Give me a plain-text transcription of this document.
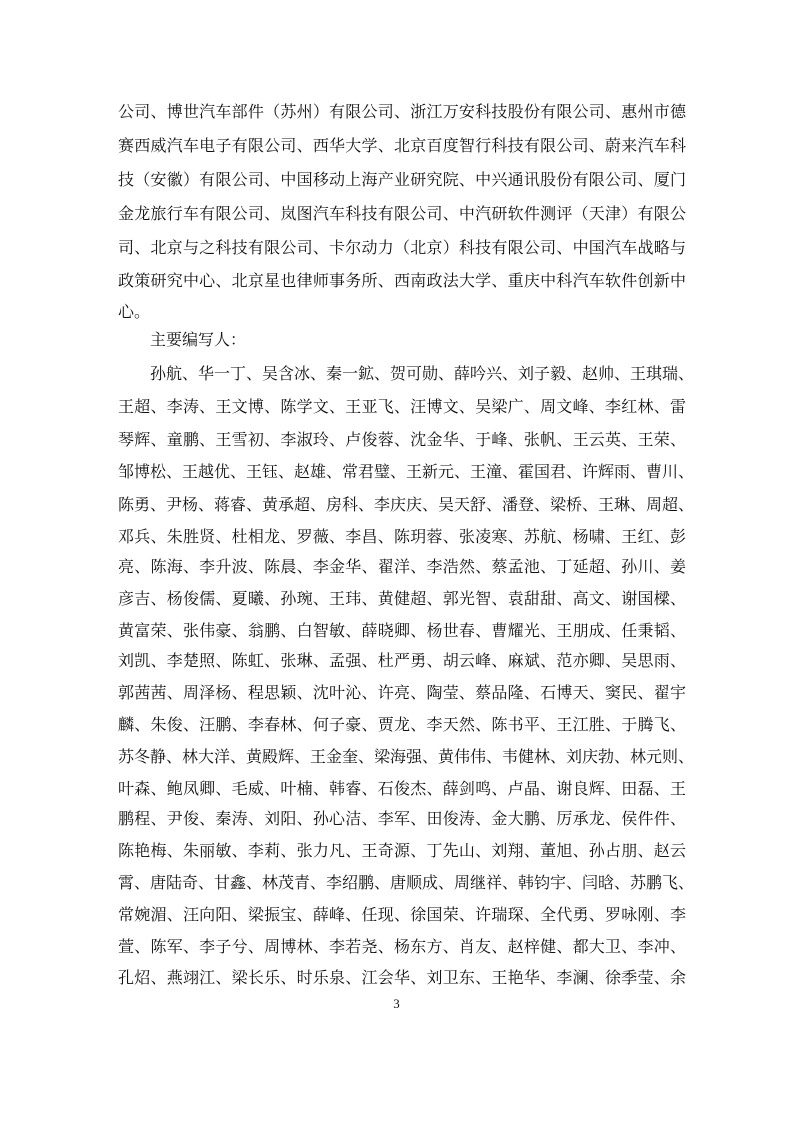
公司、博世汽车部件（苏州）有限公司、浙江万安科技股份有限公司、惠州市德
赛西威汽车电子有限公司、西华大学、北京百度智行科技有限公司、蔚来汽车科
技（安徽）有限公司、中国移动上海产业研究院、中兴通讯股份有限公司、厦门
金龙旅行车有限公司、岚图汽车科技有限公司、中汽研软件测评（天津）有限公
司、北京与之科技有限公司、卡尔动力（北京）科技有限公司、中国汽车战略与
政策研究中心、北京星也律师事务所、西南政法大学、重庆中科汽车软件创新中
心。
主要编写人：
孙航、华一丁、吴含冰、秦一鉱、贺可勋、薛吟兴、刘子毅、赵帅、王琪瑞、
王超、李涛、王文博、陈学文、王亚飞、汪博文、吴梁广、周文峰、李红林、雷
琴辉、童鹏、王雪初、李淑玲、卢俊蓉、沈金华、于峰、张帆、王云英、王荣、
邹博松、王越优、王钰、赵雄、常君璧、王新元、王潼、霍国君、许辉雨、曹川、
陈勇、尹杨、蒋睿、黄承超、房科、李庆庆、吴天舒、潘登、梁桥、王琳、周超、
邓兵、朱胜贤、杜相龙、罗薇、李昌、陈玥蓉、张凌寒、苏航、杨啸、王红、彭
亮、陈海、李升波、陈晨、李金华、翟洋、李浩然、蔡孟池、丁延超、孙川、姜
彦吉、杨俊儒、夏曦、孙琬、王玮、黄健超、郭光智、袁甜甜、高文、谢国樑、
黄富荣、张伟豪、翁鹏、白智敏、薛晓卿、杨世春、曹耀光、王朋成、任秉韬、
刘凯、李楚照、陈虹、张琳、孟强、杜严勇、胡云峰、麻斌、范亦卿、吴思雨、
郭茜茜、周泽杨、程思颖、沈叶沁、许亮、陶莹、蔡品隆、石博天、窦民、翟宇
麟、朱俊、汪鹏、李春林、何子豪、贾龙、李天然、陈书平、王江胜、于腾飞、
苏冬静、林大洋、黄殿辉、王金奎、梁海强、黄伟伟、韦健林、刘庆勃、林元则、
叶森、鲍凤卿、毛威、叶楠、韩睿、石俊杰、薛剑鸣、卢晶、谢良辉、田磊、王
鹏程、尹俊、秦涛、刘阳、孙心洁、李军、田俊涛、金大鹏、厉承龙、侯件件、
陈艳梅、朱丽敏、李莉、张力凡、王奇源、丁先山、刘翔、董旭、孙占朋、赵云
霄、唐陆奇、甘鑫、林茂青、李绍鹏、唐顺成、周继祥、韩钧宇、闫晗、苏鹏飞、
常婉湄、汪向阳、梁振宝、薛峰、任现、徐国荣、许瑞琛、全代勇、罗咏刚、李
萱、陈军、李子兮、周博林、李若尧、杨东方、肖友、赵梓健、都大卫、李冲、
孔炤、燕翊江、梁长乐、时乐泉、江会华、刘卫东、王艳华、李澜、徐季莹、余
3
